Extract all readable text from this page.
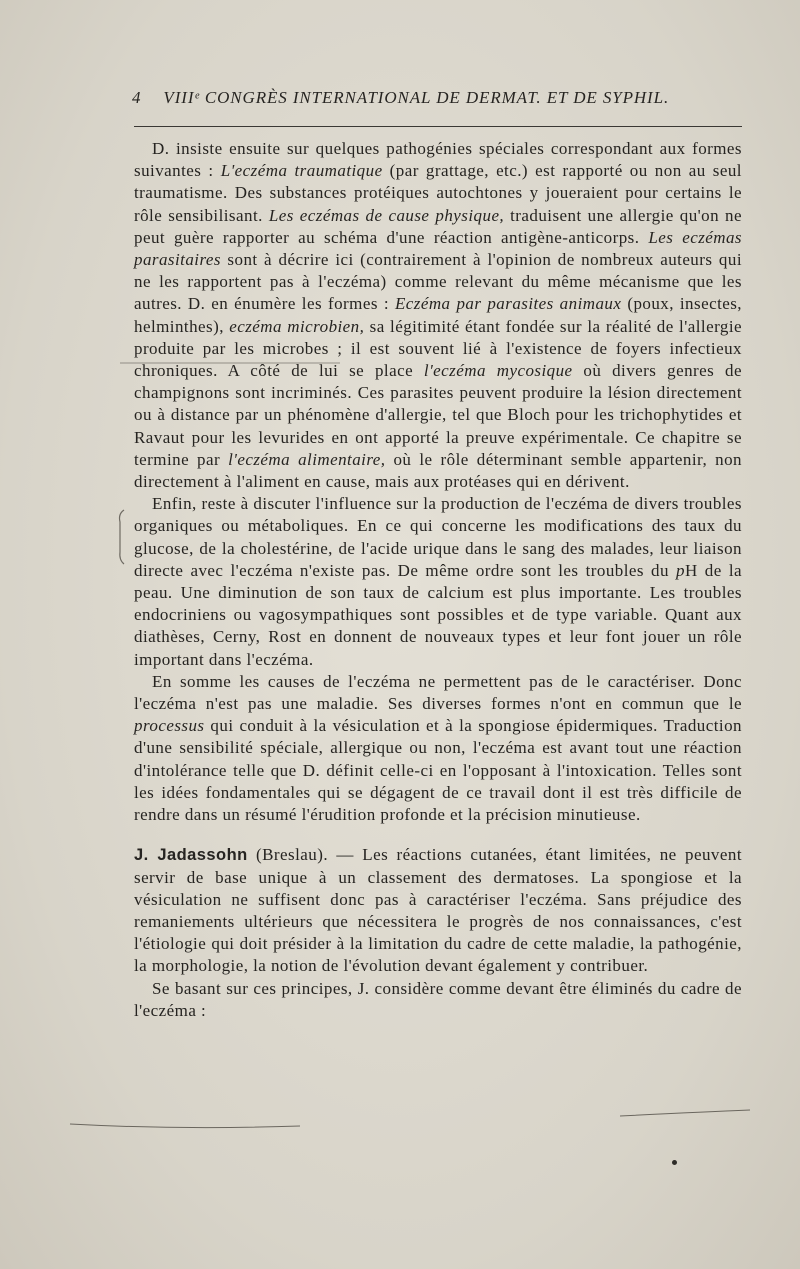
4 VIIIᵉ CONGRÈS INTERNATIONAL DE DERMAT. ET DE SYPHIL.

D. insiste ensuite sur quelques pathogénies spéciales correspondant aux formes suivantes : L'eczéma traumatique (par grattage, etc.) est rapporté ou non au seul traumatisme. Des substances protéiques autochtones y joueraient pour certains le rôle sensibilisant. Les eczémas de cause physique, traduisent une allergie qu'on ne peut guère rapporter au schéma d'une réaction antigène-anticorps. Les eczémas parasitaires sont à décrire ici (contrairement à l'opinion de nombreux auteurs qui ne les rapportent pas à l'eczéma) comme relevant du même mécanisme que les autres. D. en énumère les formes : Eczéma par parasites animaux (poux, insectes, helminthes), eczéma microbien, sa légitimité étant fondée sur la réalité de l'allergie produite par les microbes ; il est souvent lié à l'existence de foyers infectieux chroniques. A côté de lui se place l'eczéma mycosique où divers genres de champignons sont incriminés. Ces parasites peuvent produire la lésion directement ou à distance par un phénomène d'allergie, tel que Bloch pour les trichophytides et Ravaut pour les levurides en ont apporté la preuve expérimentale. Ce chapitre se termine par l'eczéma alimentaire, où le rôle déterminant semble appartenir, non directement à l'aliment en cause, mais aux protéases qui en dérivent.

Enfin, reste à discuter l'influence sur la production de l'eczéma de divers troubles organiques ou métaboliques. En ce qui concerne les modifications des taux du glucose, de la cholestérine, de l'acide urique dans le sang des malades, leur liaison directe avec l'eczéma n'existe pas. De même ordre sont les troubles du pH de la peau. Une diminution de son taux de calcium est plus importante. Les troubles endocriniens ou vagosympathiques sont possibles et de type variable. Quant aux diathèses, Cerny, Rost en donnent de nouveaux types et leur font jouer un rôle important dans l'eczéma.

En somme les causes de l'eczéma ne permettent pas de le caractériser. Donc l'eczéma n'est pas une maladie. Ses diverses formes n'ont en commun que le processus qui conduit à la vésiculation et à la spongiose épidermiques. Traduction d'une sensibilité spéciale, allergique ou non, l'eczéma est avant tout une réaction d'intolérance telle que D. définit celle-ci en l'opposant à l'intoxication. Telles sont les idées fondamentales qui se dégagent de ce travail dont il est très difficile de rendre dans un résumé l'érudition profonde et la précision minutieuse.

J. Jadassohn (Breslau). — Les réactions cutanées, étant limitées, ne peuvent servir de base unique à un classement des dermatoses. La spongiose et la vésiculation ne suffisent donc pas à caractériser l'eczéma. Sans préjudice des remaniements ultérieurs que nécessitera le progrès de nos connaissances, c'est l'étiologie qui doit présider à la limitation du cadre de cette maladie, la pathogénie, la morphologie, la notion de l'évolution devant également y contribuer.

Se basant sur ces principes, J. considère comme devant être éliminés du cadre de l'eczéma :
